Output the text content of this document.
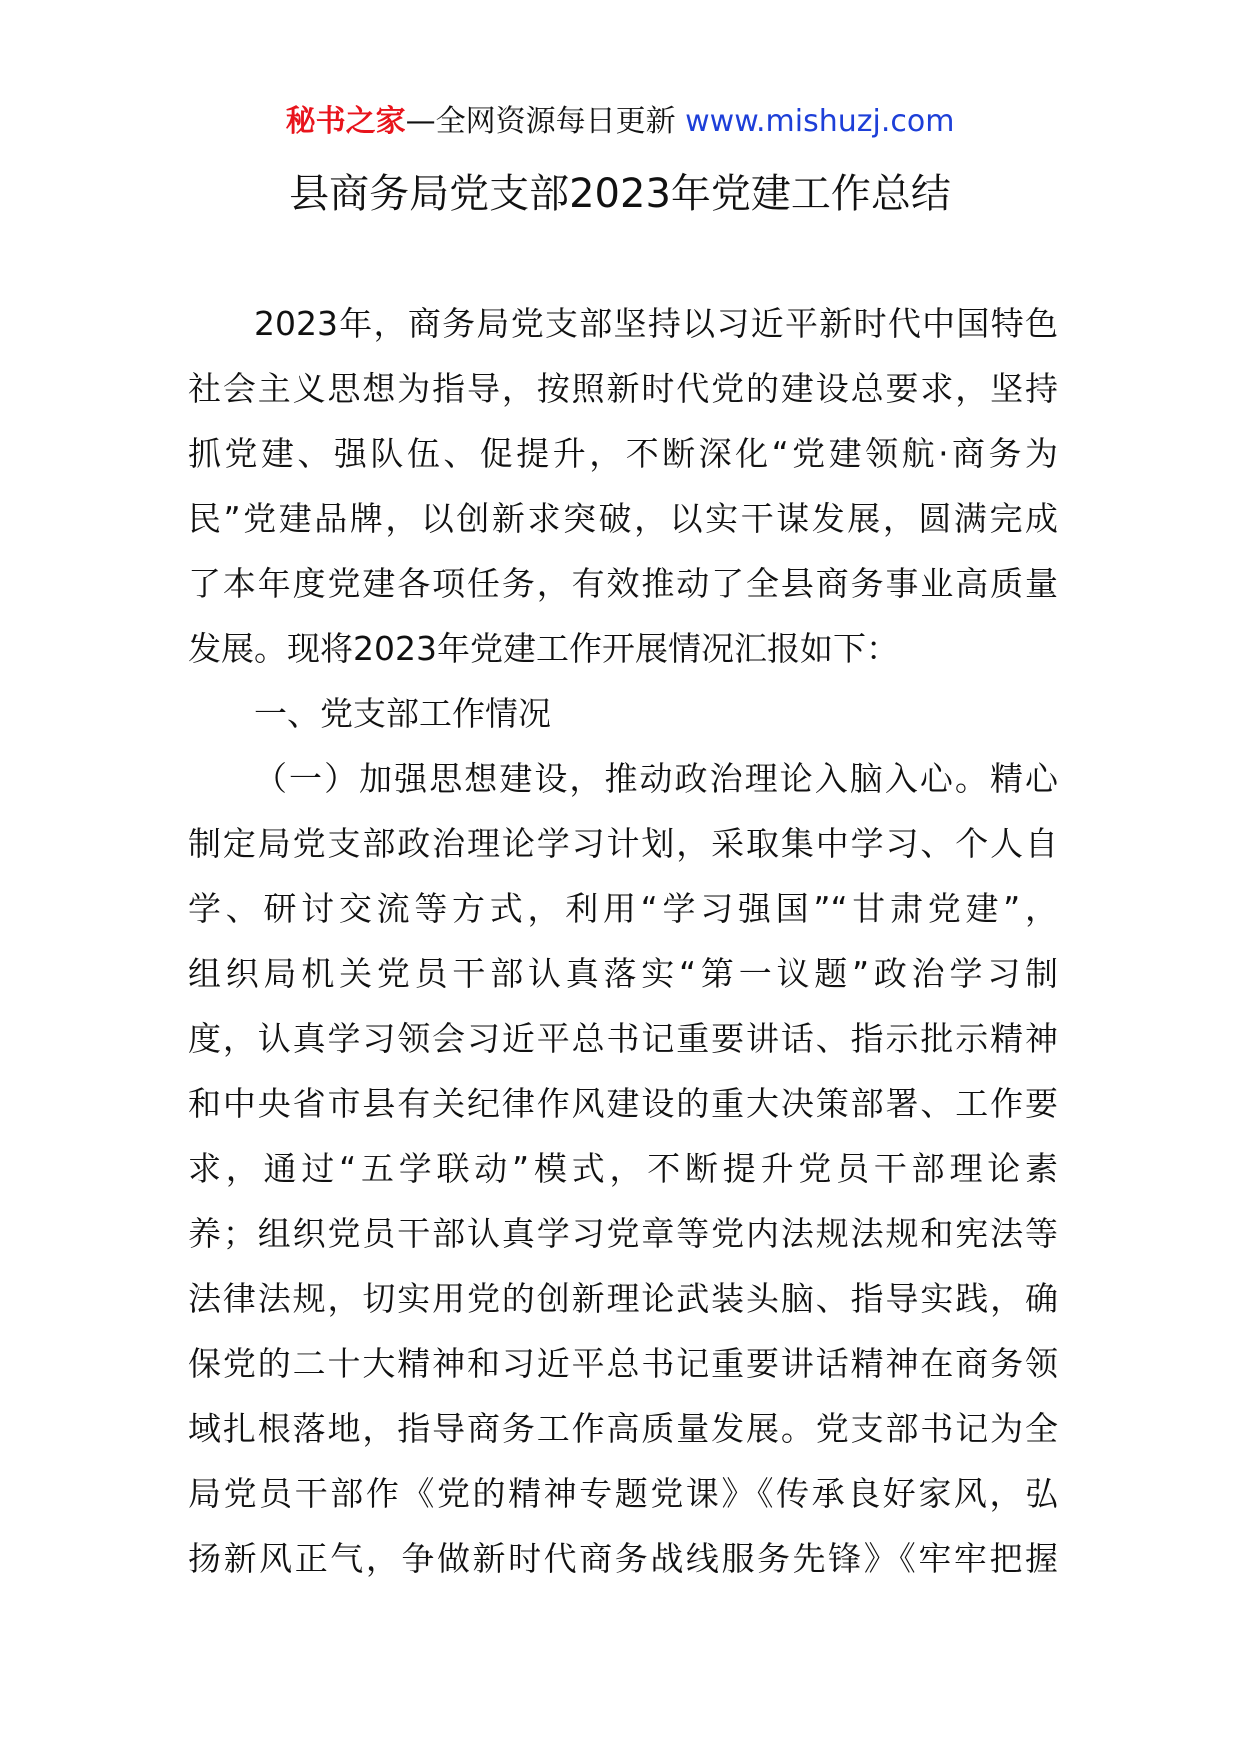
秘书之家—全网资源每日更新 www.mishuzj.com
县商务局党支部2023年党建工作总结
2023年，商务局党支部坚持以习近平新时代中国特色
社会主义思想为指导，按照新时代党的建设总要求，坚持
抓党建、强队伍、促提升，不断深化“党建领航·商务为
民”党建品牌，以创新求突破，以实干谋发展，圆满完成
了本年度党建各项任务，有效推动了全县商务事业高质量
发展。现将2023年党建工作开展情况汇报如下：
一、党支部工作情况
（一）加强思想建设，推动政治理论入脑入心。精心
制定局党支部政治理论学习计划，采取集中学习、个人自
学、研讨交流等方式，利用“学习强国”“甘肃党建”，
组织局机关党员干部认真落实“第一议题”政治学习制
度，认真学习领会习近平总书记重要讲话、指示批示精神
和中央省市县有关纪律作风建设的重大决策部署、工作要
求，通过“五学联动”模式，不断提升党员干部理论素
养；组织党员干部认真学习党章等党内法规法规和宪法等
法律法规，切实用党的创新理论武装头脑、指导实践，确
保党的二十大精神和习近平总书记重要讲话精神在商务领
域扎根落地，指导商务工作高质量发展。党支部书记为全
局党员干部作《党的精神专题党课》《传承良好家风，弘
扬新风正气，争做新时代商务战线服务先锋》《牢牢把握
